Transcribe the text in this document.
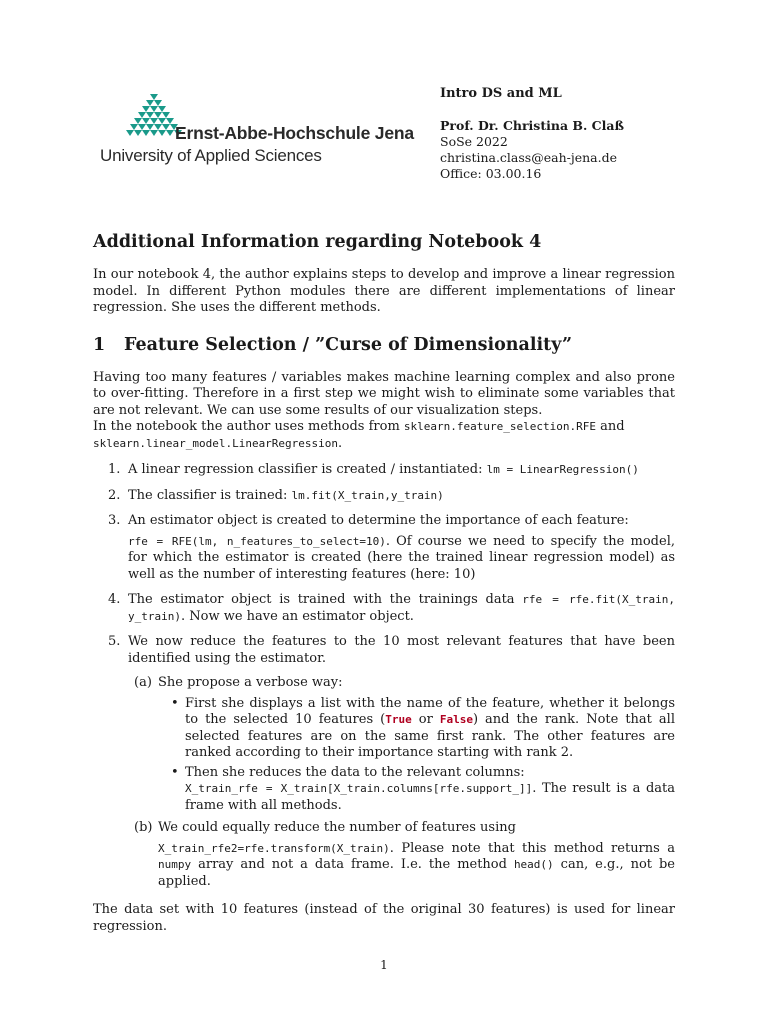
Ernst-Abbe-Hochschule Jena
University of Applied Sciences
Intro DS and ML
Prof. Dr. Christina B. Claß
SoSe 2022
christina.class@eah-jena.de
Office: 03.00.16
Additional Information regarding Notebook 4

In our notebook 4, the author explains steps to develop and improve a linear regression model. In different Python modules there are different implementations of linear regression. She uses the different methods.

1 Feature Selection / ”Curse of Dimensionality”

Having too many features / variables makes machine learning complex and also prone to over-fitting. Therefore in a first step we might wish to eliminate some variables that are not relevant. We can use some results of our visualization steps.

In the notebook the author uses methods from sklearn.feature_selection.RFE and
sklearn.linear_model.LinearRegression.

1. A linear regression classifier is created / instantiated: lm = LinearRegression()
2. The classifier is trained: lm.fit(X_train,y_train)
3. An estimator object is created to determine the importance of each feature:
rfe = RFE(lm, n_features_to_select=10). Of course we need to specify the model, for which the estimator is created (here the trained linear regression model) as well as the number of interesting features (here: 10)
4. The estimator object is trained with the trainings data rfe = rfe.fit(X_train, y_train). Now we have an estimator object.
5. We now reduce the features to the 10 most relevant features that have been identified using the estimator.
(a) She propose a verbose way:
• First she displays a list with the name of the feature, whether it belongs to the selected 10 features (True or False) and the rank. Note that all selected features are on the same first rank. The other features are ranked according to their importance starting with rank 2.
• Then she reduces the data to the relevant columns:
X_train_rfe = X_train[X_train.columns[rfe.support_]]. The result is a data frame with all methods.
(b) We could equally reduce the number of features using
X_train_rfe2=rfe.transform(X_train). Please note that this method returns a numpy array and not a data frame. I.e. the method head() can, e.g., not be applied.

The data set with 10 features (instead of the original 30 features) is used for linear regression.

1
